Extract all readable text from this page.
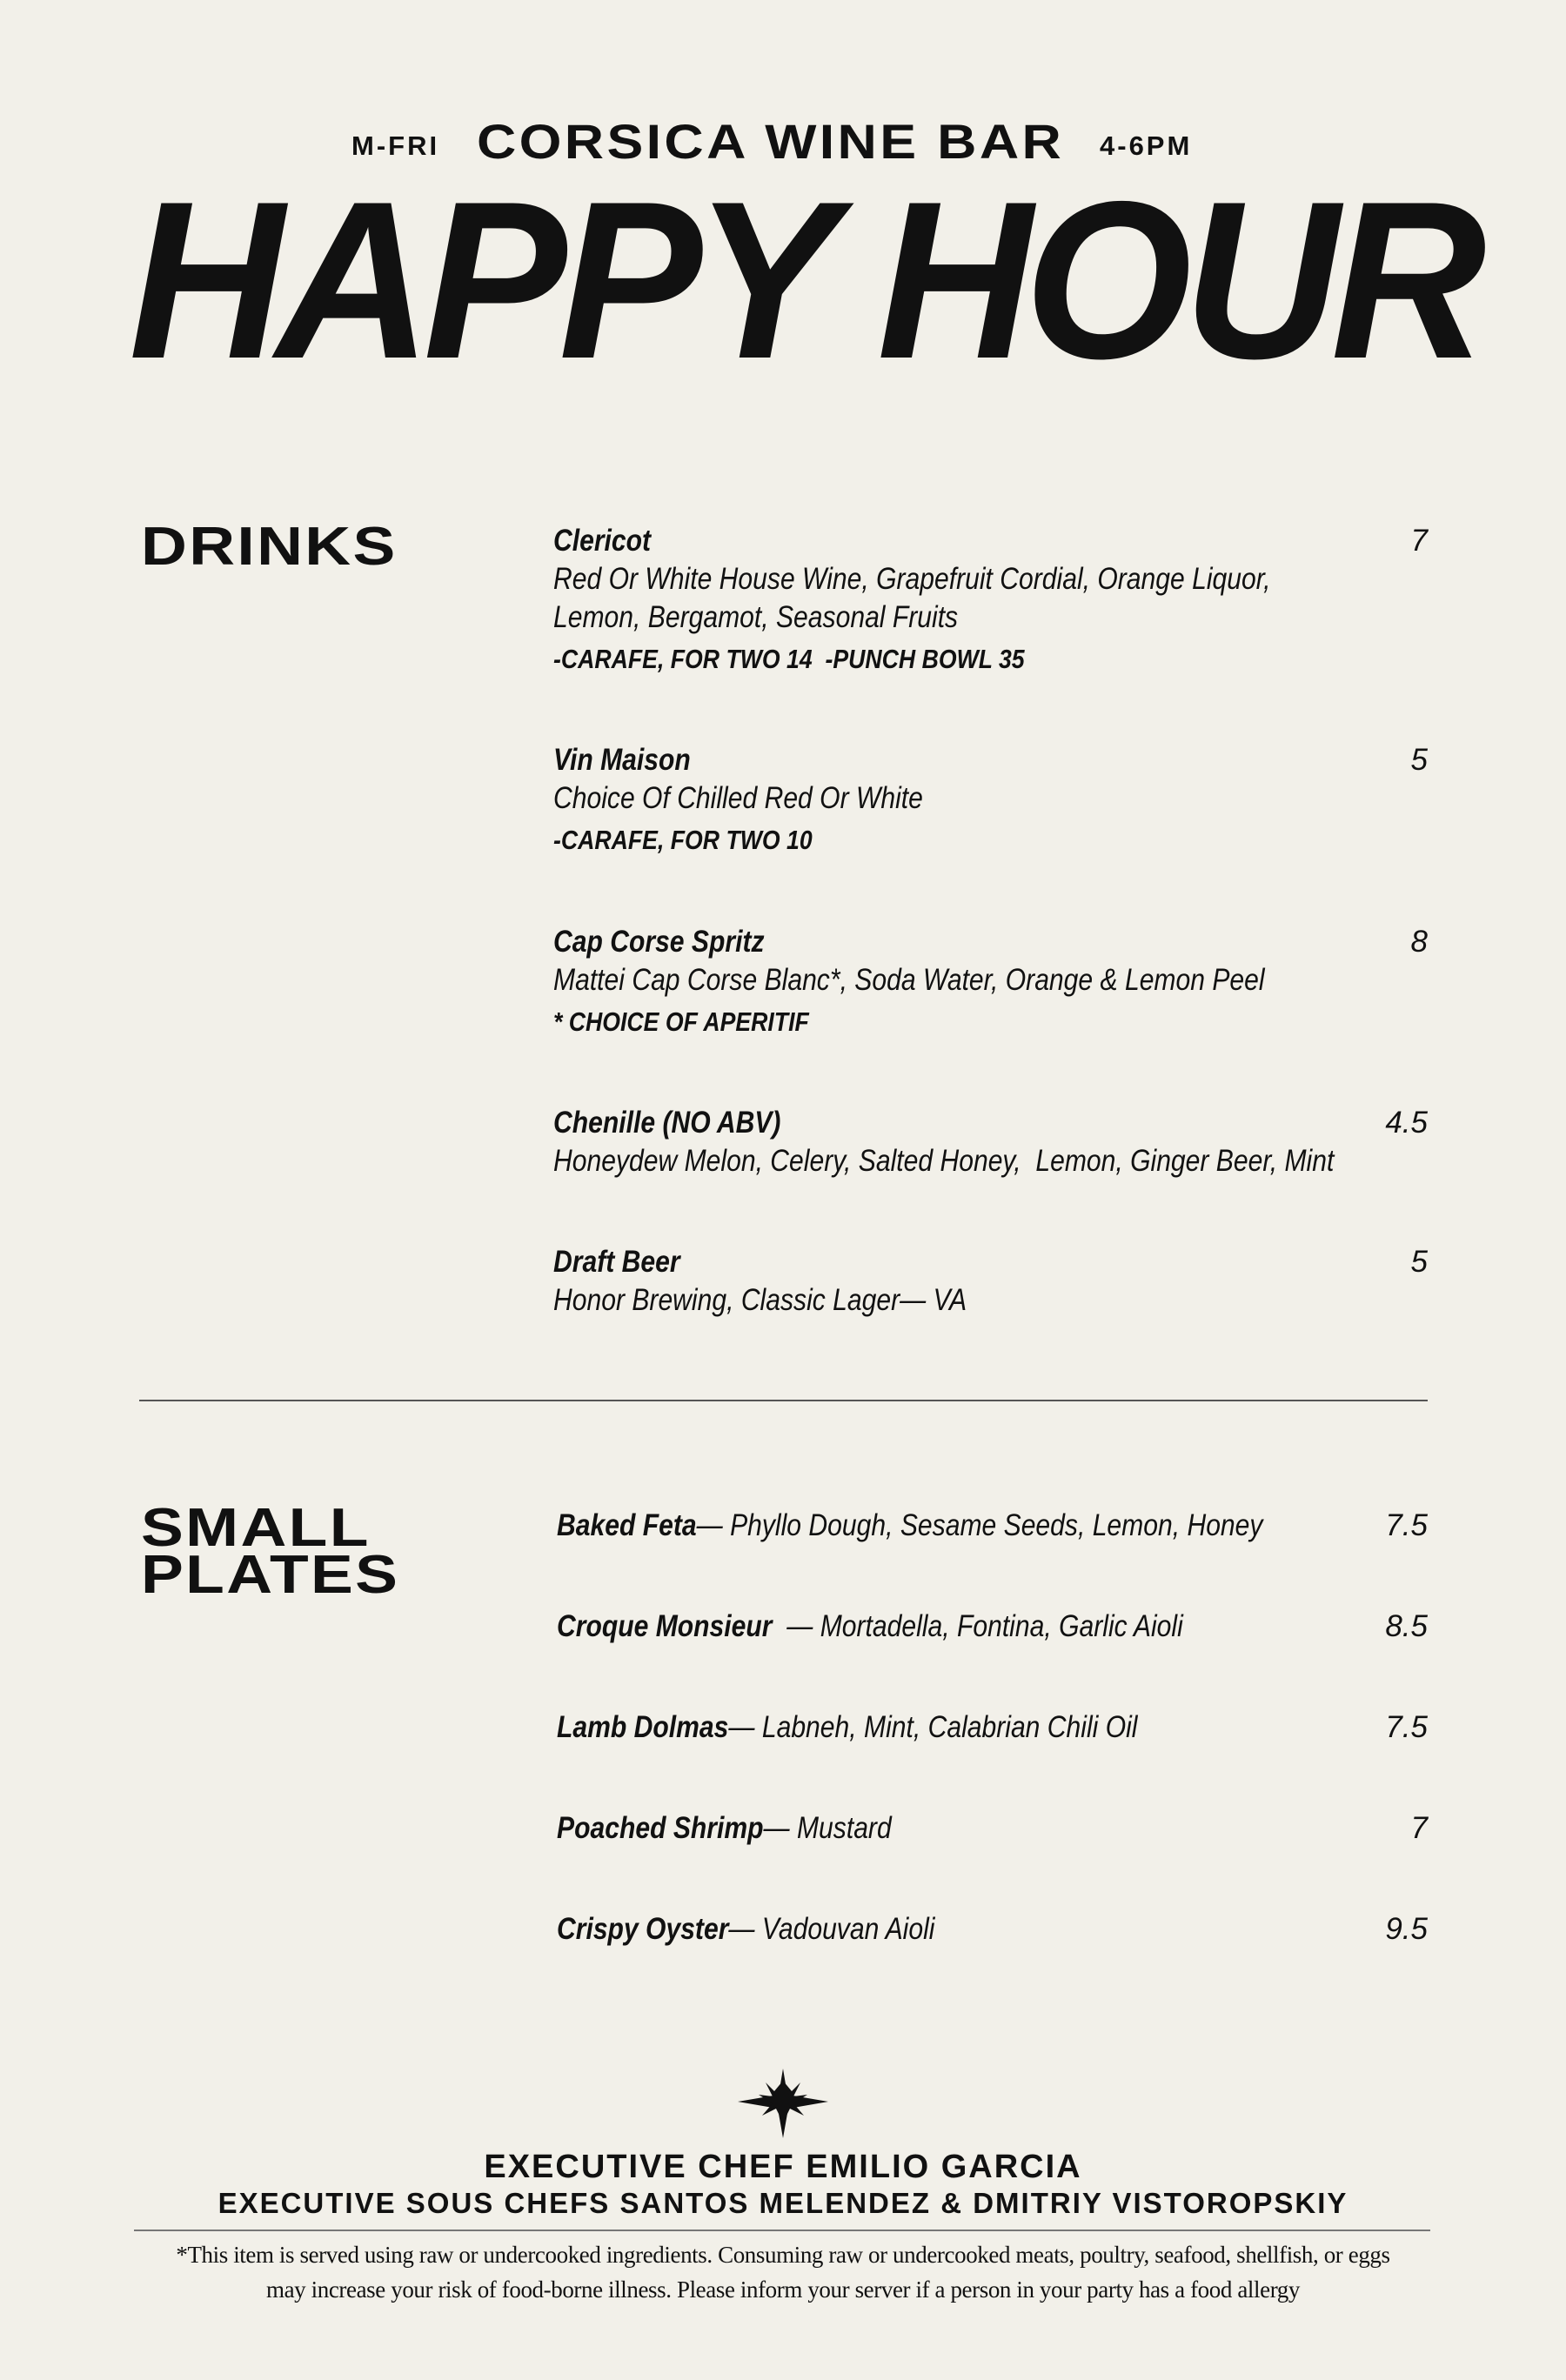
M-FRI CORSICA WINE BAR 4-6PM
HAPPY HOUR
DRINKS	Clericot	7
Red Or White House Wine, Grapefruit Cordial, Orange Liquor, Lemon, Bergamot, Seasonal Fruits
-CARAFE, FOR TWO 14  -PUNCH BOWL 35
Vin Maison	5
Choice Of Chilled Red Or White
-CARAFE, FOR TWO 10
Cap Corse Spritz	8
Mattei Cap Corse Blanc*, Soda Water, Orange & Lemon Peel
* CHOICE OF APERITIF
Chenille (NO ABV)	4.5
Honeydew Melon, Celery, Salted Honey,  Lemon, Ginger Beer, Mint
Draft Beer	5
Honor Brewing, Classic Lager— VA
SMALL
PLATES
Baked Feta— Phyllo Dough, Sesame Seeds, Lemon, Honey	7.5
Croque Monsieur  — Mortadella, Fontina, Garlic Aioli	8.5
Lamb Dolmas— Labneh, Mint, Calabrian Chili Oil	7.5
Poached Shrimp— Mustard	7
Crispy Oyster— Vadouvan Aioli	9.5
EXECUTIVE CHEF EMILIO GARCIA
EXECUTIVE SOUS CHEFS SANTOS MELENDEZ & DMITRIY VISTOROPSKIY
*This item is served using raw or undercooked ingredients. Consuming raw or undercooked meats, poultry, seafood, shellfish, or eggs
may increase your risk of food-borne illness. Please inform your server if a person in your party has a food allergy
